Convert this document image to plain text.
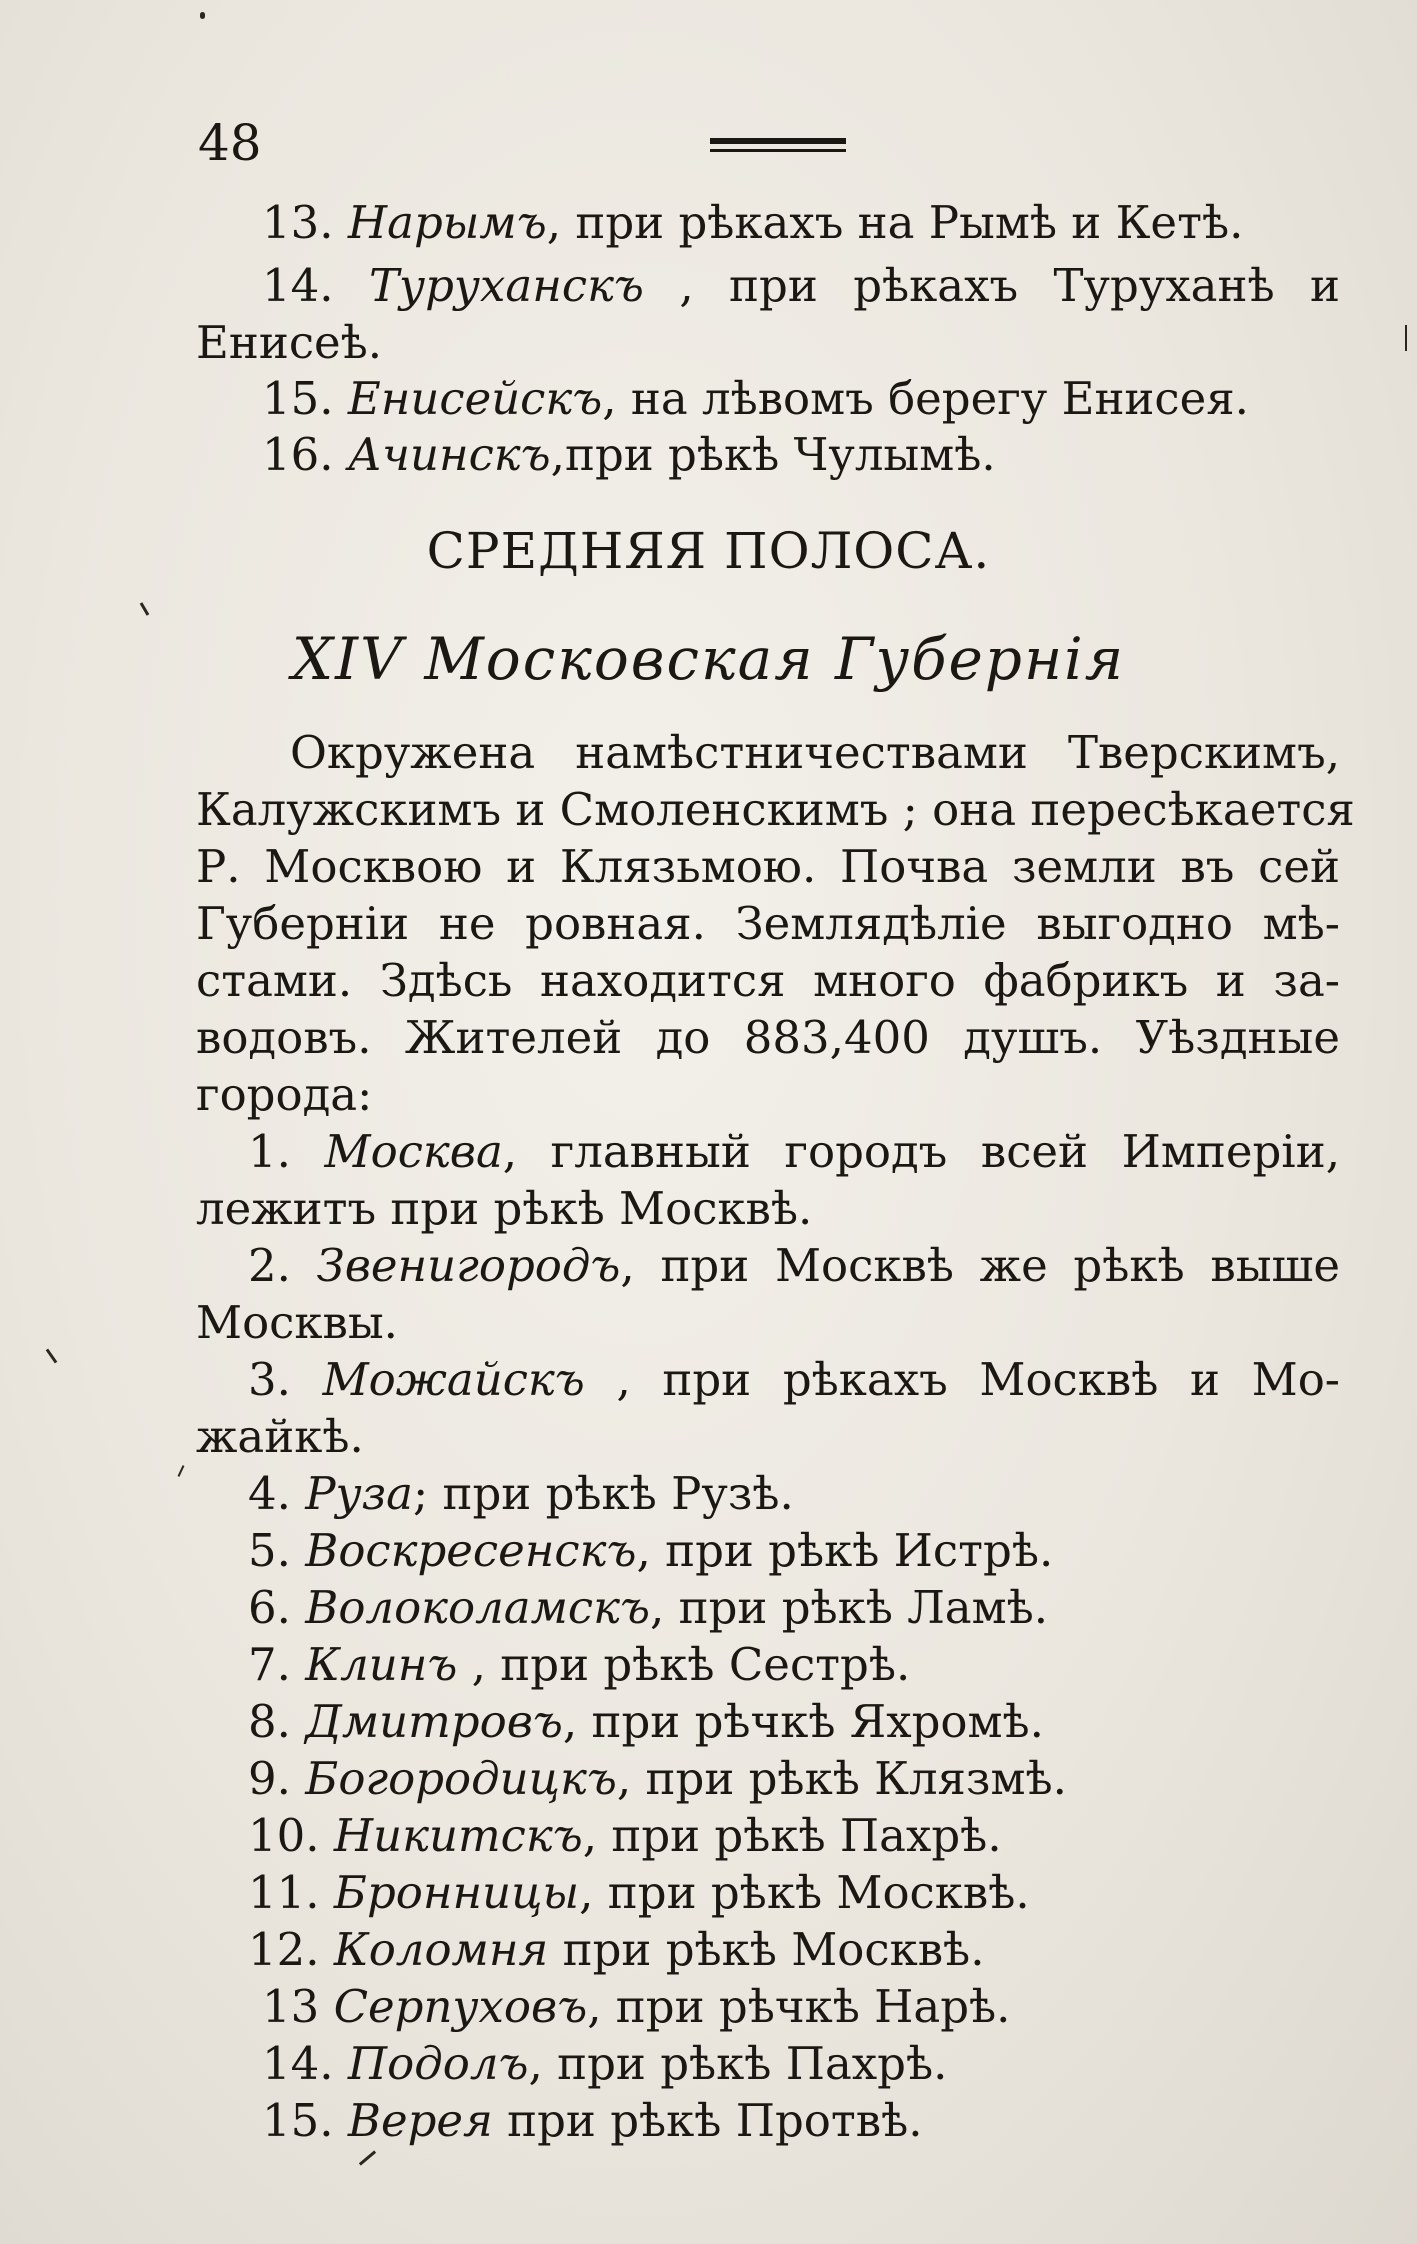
48
13. Нарымъ, при рѣкахъ на Рымѣ и Кетѣ.
14. Туруханскъ , при рѣкахъ Туруханѣ и
Енисеѣ.
15. Енисейскъ, на лѣвомъ берегу Енисея.
16. Ачинскъ,при рѣкѣ Чулымѣ.
СРЕДНЯЯ ПОЛОСА.
XIV Московская Губернія
Окружена намѣстничествами Тверскимъ,
Калужскимъ и Смоленскимъ ; она пересѣкается
Р. Москвою и Клязьмою. Почва земли въ сей
Губерніи не ровная. Землядѣліе выгодно мѣ-
стами. Здѣсь находится много фабрикъ и за-
водовъ. Жителей до 883,400 душъ. Уѣздные
города:
1. Москва, главный городъ всей Имперіи,
лежитъ при рѣкѣ Москвѣ.
2. Звенигородъ, при Москвѣ же рѣкѣ выше
Москвы.
3. Можайскъ , при рѣкахъ Москвѣ и Мо-
жайкѣ.
4. Руза; при рѣкѣ Рузѣ.
5. Воскресенскъ, при рѣкѣ Истрѣ.
6. Волоколамскъ, при рѣкѣ Ламѣ.
7. Клинъ , при рѣкѣ Сестрѣ.
8. Дмитровъ, при рѣчкѣ Яхромѣ.
9. Богородицкъ, при рѣкѣ Клязмѣ.
10. Никитскъ, при рѣкѣ Пахрѣ.
11. Бронницы, при рѣкѣ Москвѣ.
12. Коломня при рѣкѣ Москвѣ.
13 Серпуховъ, при рѣчкѣ Нарѣ.
14. Подолъ, при рѣкѣ Пахрѣ.
15. Верея при рѣкѣ Протвѣ.
